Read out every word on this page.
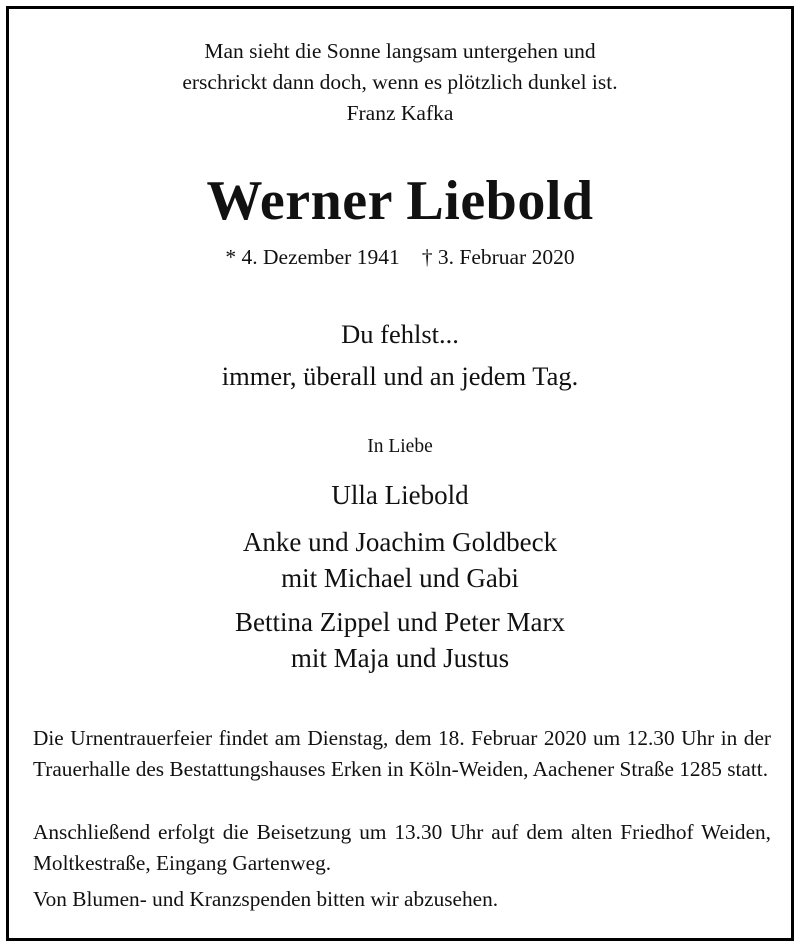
Man sieht die Sonne langsam untergehen und
erschrickt dann doch, wenn es plötzlich dunkel ist.
Franz Kafka
Werner Liebold
* 4. Dezember 1941 † 3. Februar 2020
Du fehlst...
immer, überall und an jedem Tag.
In Liebe
Ulla Liebold
Anke und Joachim Goldbeck
mit Michael und Gabi
Bettina Zippel und Peter Marx
mit Maja und Justus
Die Urnentrauerfeier findet am Dienstag, dem 18. Februar 2020 um 12.30 Uhr in der Trauerhalle des Bestattungshauses Erken in Köln-Weiden, Aachener Straße 1285 statt.
Anschließend erfolgt die Beisetzung um 13.30 Uhr auf dem alten Friedhof Weiden, Moltkestraße, Eingang Gartenweg.
Von Blumen- und Kranzspenden bitten wir abzusehen.
